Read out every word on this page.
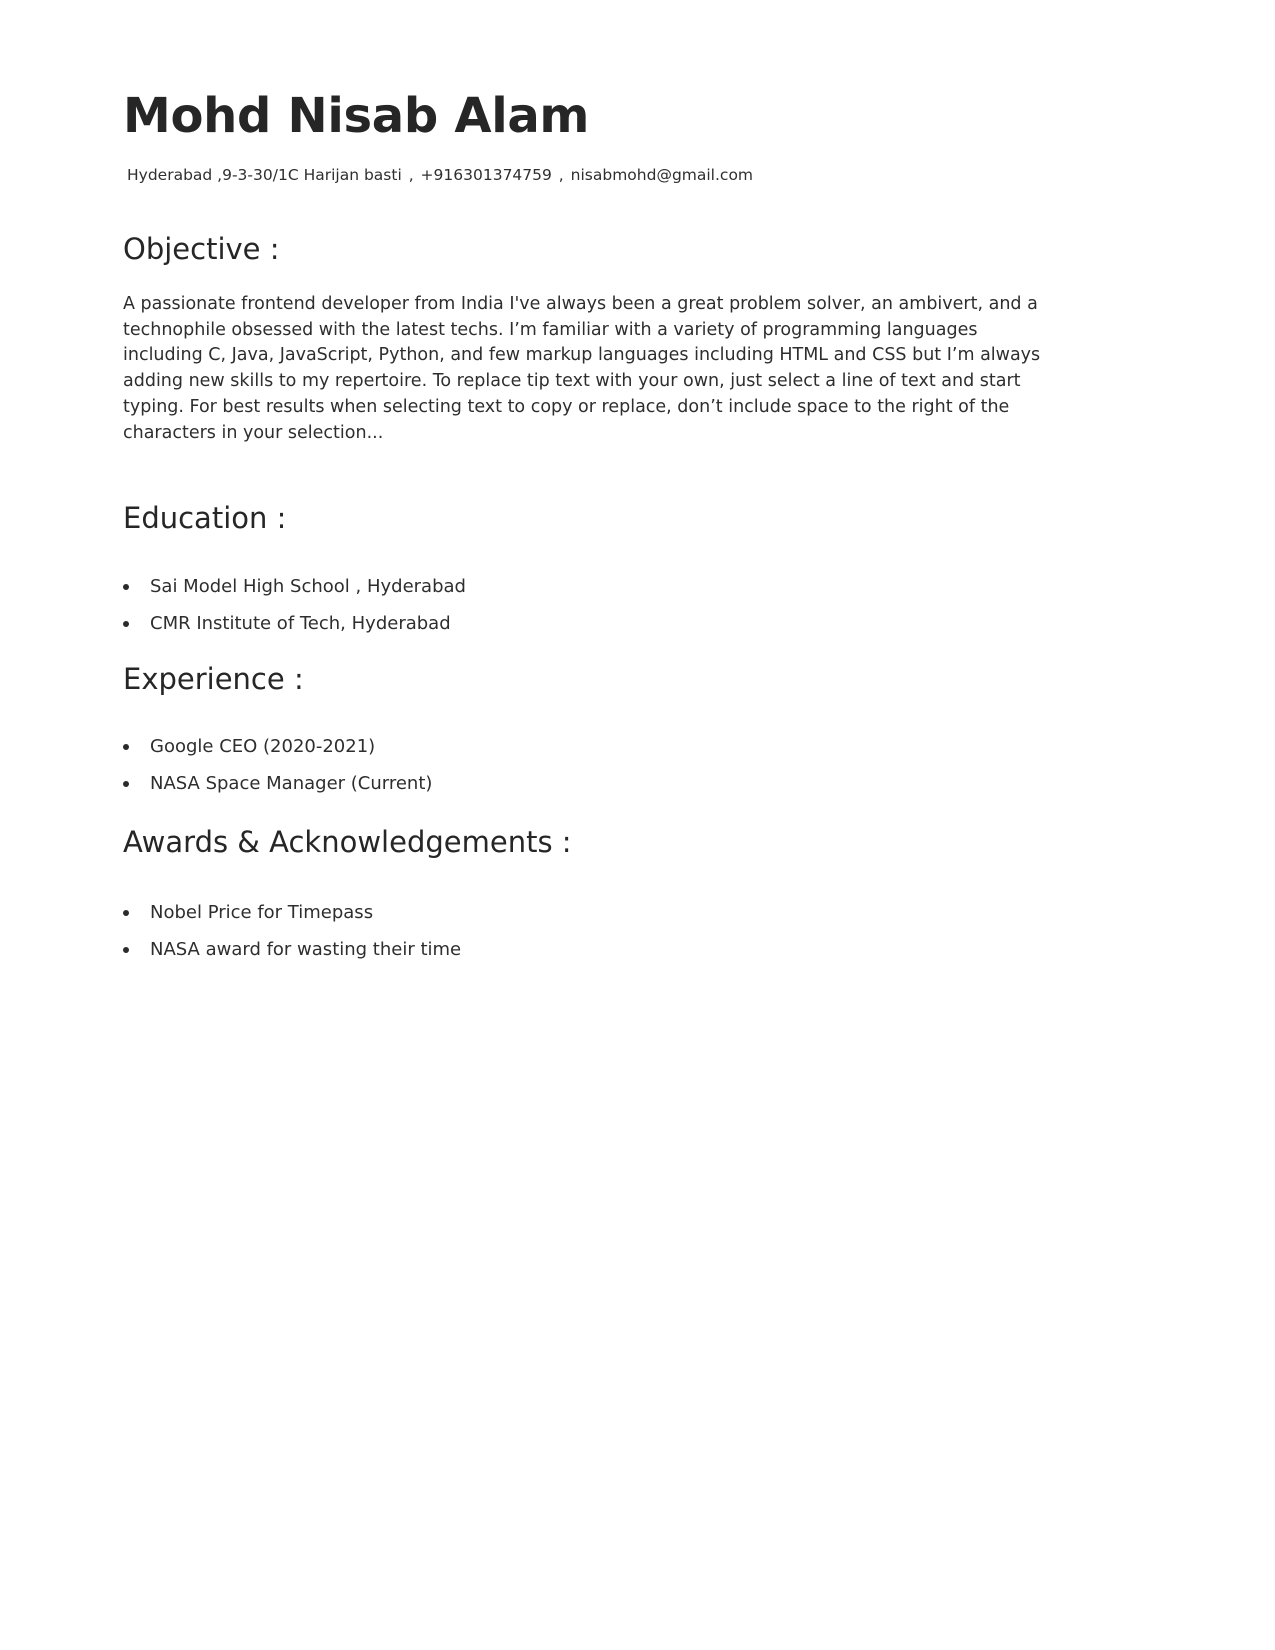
Mohd Nisab Alam
Hyderabad ,9-3-30/1C Harijan basti , +916301374759 , nisabmohd@gmail.com
Objective :

A passionate frontend developer from India I've always been a great problem solver, an ambivert, and a technophile obsessed with the latest techs. I’m familiar with a variety of programming languages including C, Java, JavaScript, Python, and few markup languages including HTML and CSS but I’m always adding new skills to my repertoire. To replace tip text with your own, just select a line of text and start typing. For best results when selecting text to copy or replace, don’t include space to the right of the characters in your selection...

Education :
Sai Model High School , Hyderabad
CMR Institute of Tech, Hyderabad
Experience :
Google CEO (2020-2021)
NASA Space Manager (Current)
Awards & Acknowledgements :
Nobel Price for Timepass
NASA award for wasting their time
